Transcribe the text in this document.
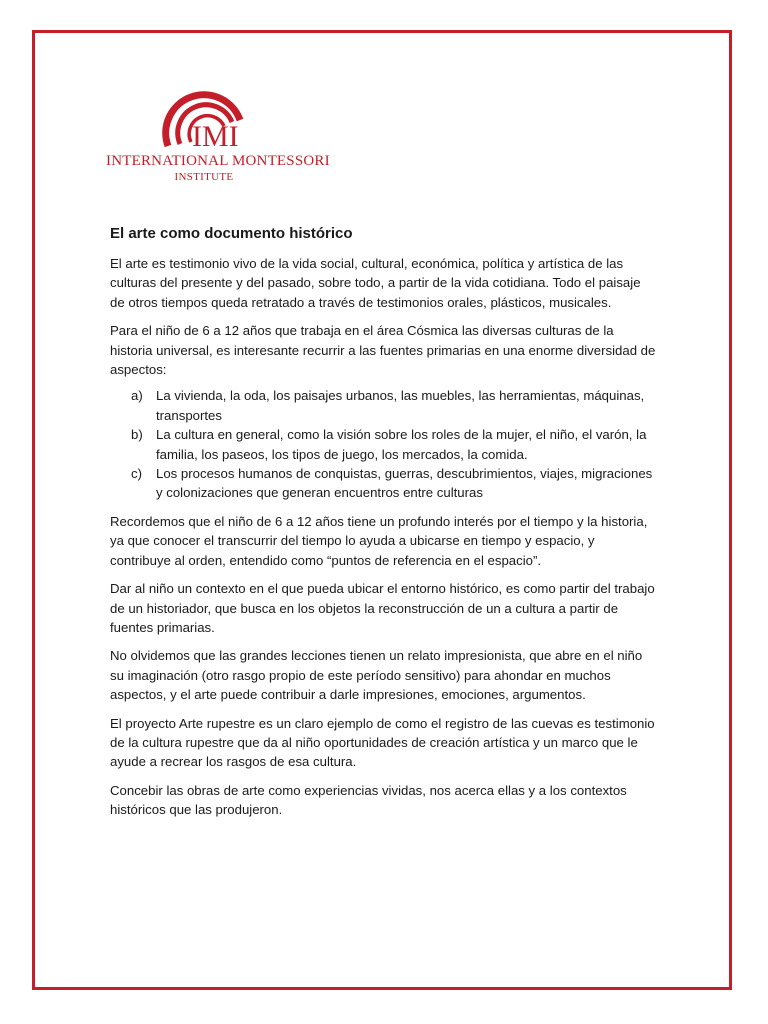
IMI
INTERNATIONAL MONTESSORI
INSTITUTE
El arte como documento histórico

El arte es testimonio vivo de la vida social, cultural, económica, política y artística de las culturas del presente y del pasado, sobre todo, a partir de la vida cotidiana. Todo el paisaje de otros tiempos queda retratado a través de testimonios orales, plásticos, musicales.

Para el niño de 6 a 12 años que trabaja en el área Cósmica las diversas culturas de la historia universal, es interesante recurrir a las fuentes primarias en una enorme diversidad de aspectos:

a) La vivienda, la oda, los paisajes urbanos, las muebles, las herramientas, máquinas, transportes
b) La cultura en general, como la visión sobre los roles de la mujer, el niño, el varón, la familia, los paseos, los tipos de juego, los mercados, la comida.
c) Los procesos humanos de conquistas, guerras, descubrimientos, viajes, migraciones y colonizaciones que generan encuentros entre culturas

Recordemos que el niño de 6 a 12 años tiene un profundo interés por el tiempo y la historia, ya que conocer el transcurrir del tiempo lo ayuda a ubicarse en tiempo y espacio, y contribuye al orden, entendido como “puntos de referencia en el espacio”.

Dar al niño un contexto en el que pueda ubicar el entorno histórico, es como partir del trabajo de un historiador, que busca en los objetos la reconstrucción de un a cultura a partir de fuentes primarias.

No olvidemos que las grandes lecciones tienen un relato impresionista, que abre en el niño su imaginación (otro rasgo propio de este período sensitivo) para ahondar en muchos aspectos, y el arte puede contribuir a darle impresiones, emociones, argumentos.

El proyecto Arte rupestre es un claro ejemplo de como el registro de las cuevas es testimonio de la cultura rupestre que da al niño oportunidades de creación artística y un marco que le ayude a recrear los rasgos de esa cultura.

Concebir las obras de arte como experiencias vividas, nos acerca ellas y a los contextos históricos que las produjeron.
